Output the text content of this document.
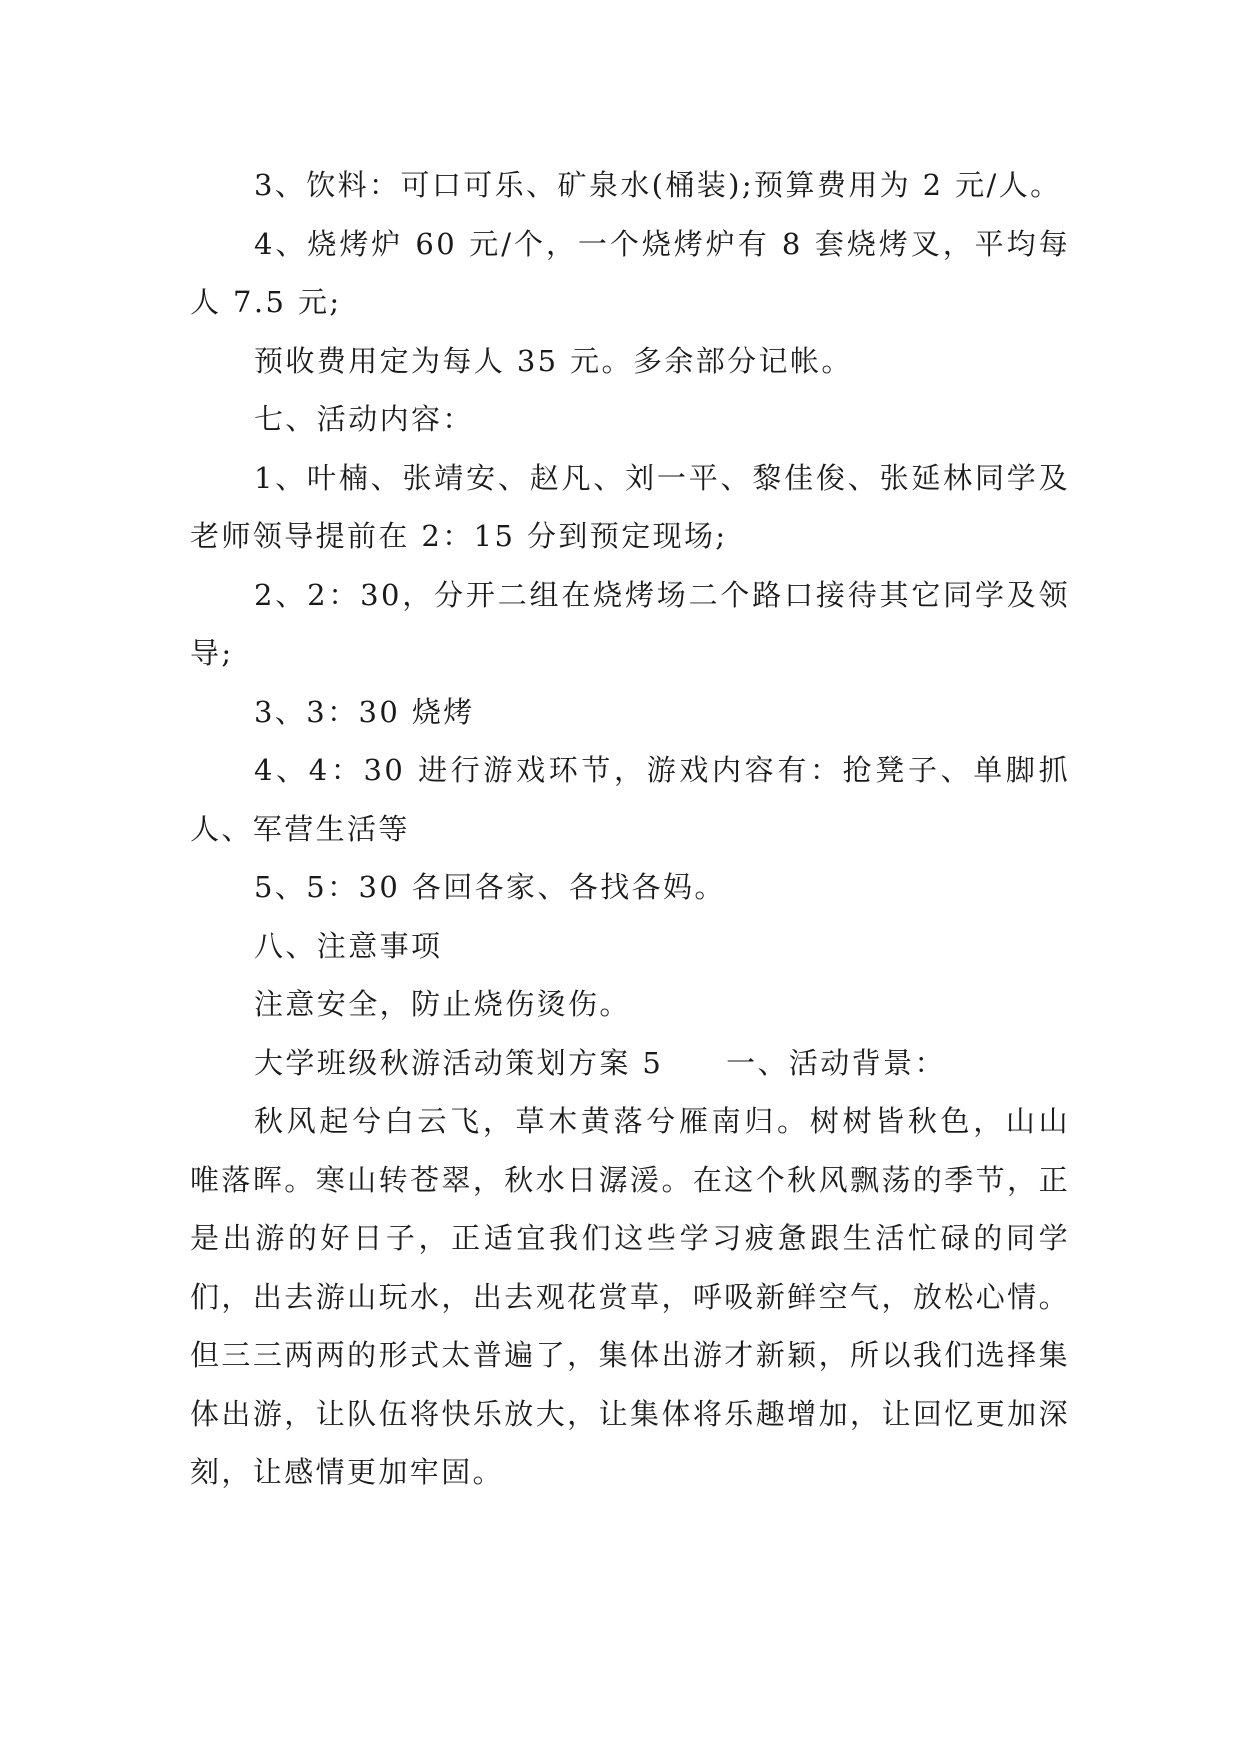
3、饮料：可口可乐、矿泉水(桶装);预算费用为 2 元/人。

4、烧烤炉 60 元/个，一个烧烤炉有 8 套烧烤叉，平均每人 7.5 元;

预收费用定为每人 35 元。多余部分记帐。

七、活动内容：

1、叶楠、张靖安、赵凡、刘一平、黎佳俊、张延林同学及老师领导提前在 2：15 分到预定现场;

2、2：30，分开二组在烧烤场二个路口接待其它同学及领导;

3、3：30 烧烤

4、4：30 进行游戏环节，游戏内容有：抢凳子、单脚抓人、军营生活等

5、5：30 各回各家、各找各妈。

八、注意事项

注意安全，防止烧伤烫伤。

大学班级秋游活动策划方案 5　　一、活动背景：

秋风起兮白云飞，草木黄落兮雁南归。树树皆秋色，山山唯落晖。寒山转苍翠，秋水日潺湲。在这个秋风飘荡的季节，正是出游的好日子，正适宜我们这些学习疲惫跟生活忙碌的同学们，出去游山玩水，出去观花赏草，呼吸新鲜空气，放松心情。但三三两两的形式太普遍了，集体出游才新颖，所以我们选择集体出游，让队伍将快乐放大，让集体将乐趣增加，让回忆更加深刻，让感情更加牢固。
